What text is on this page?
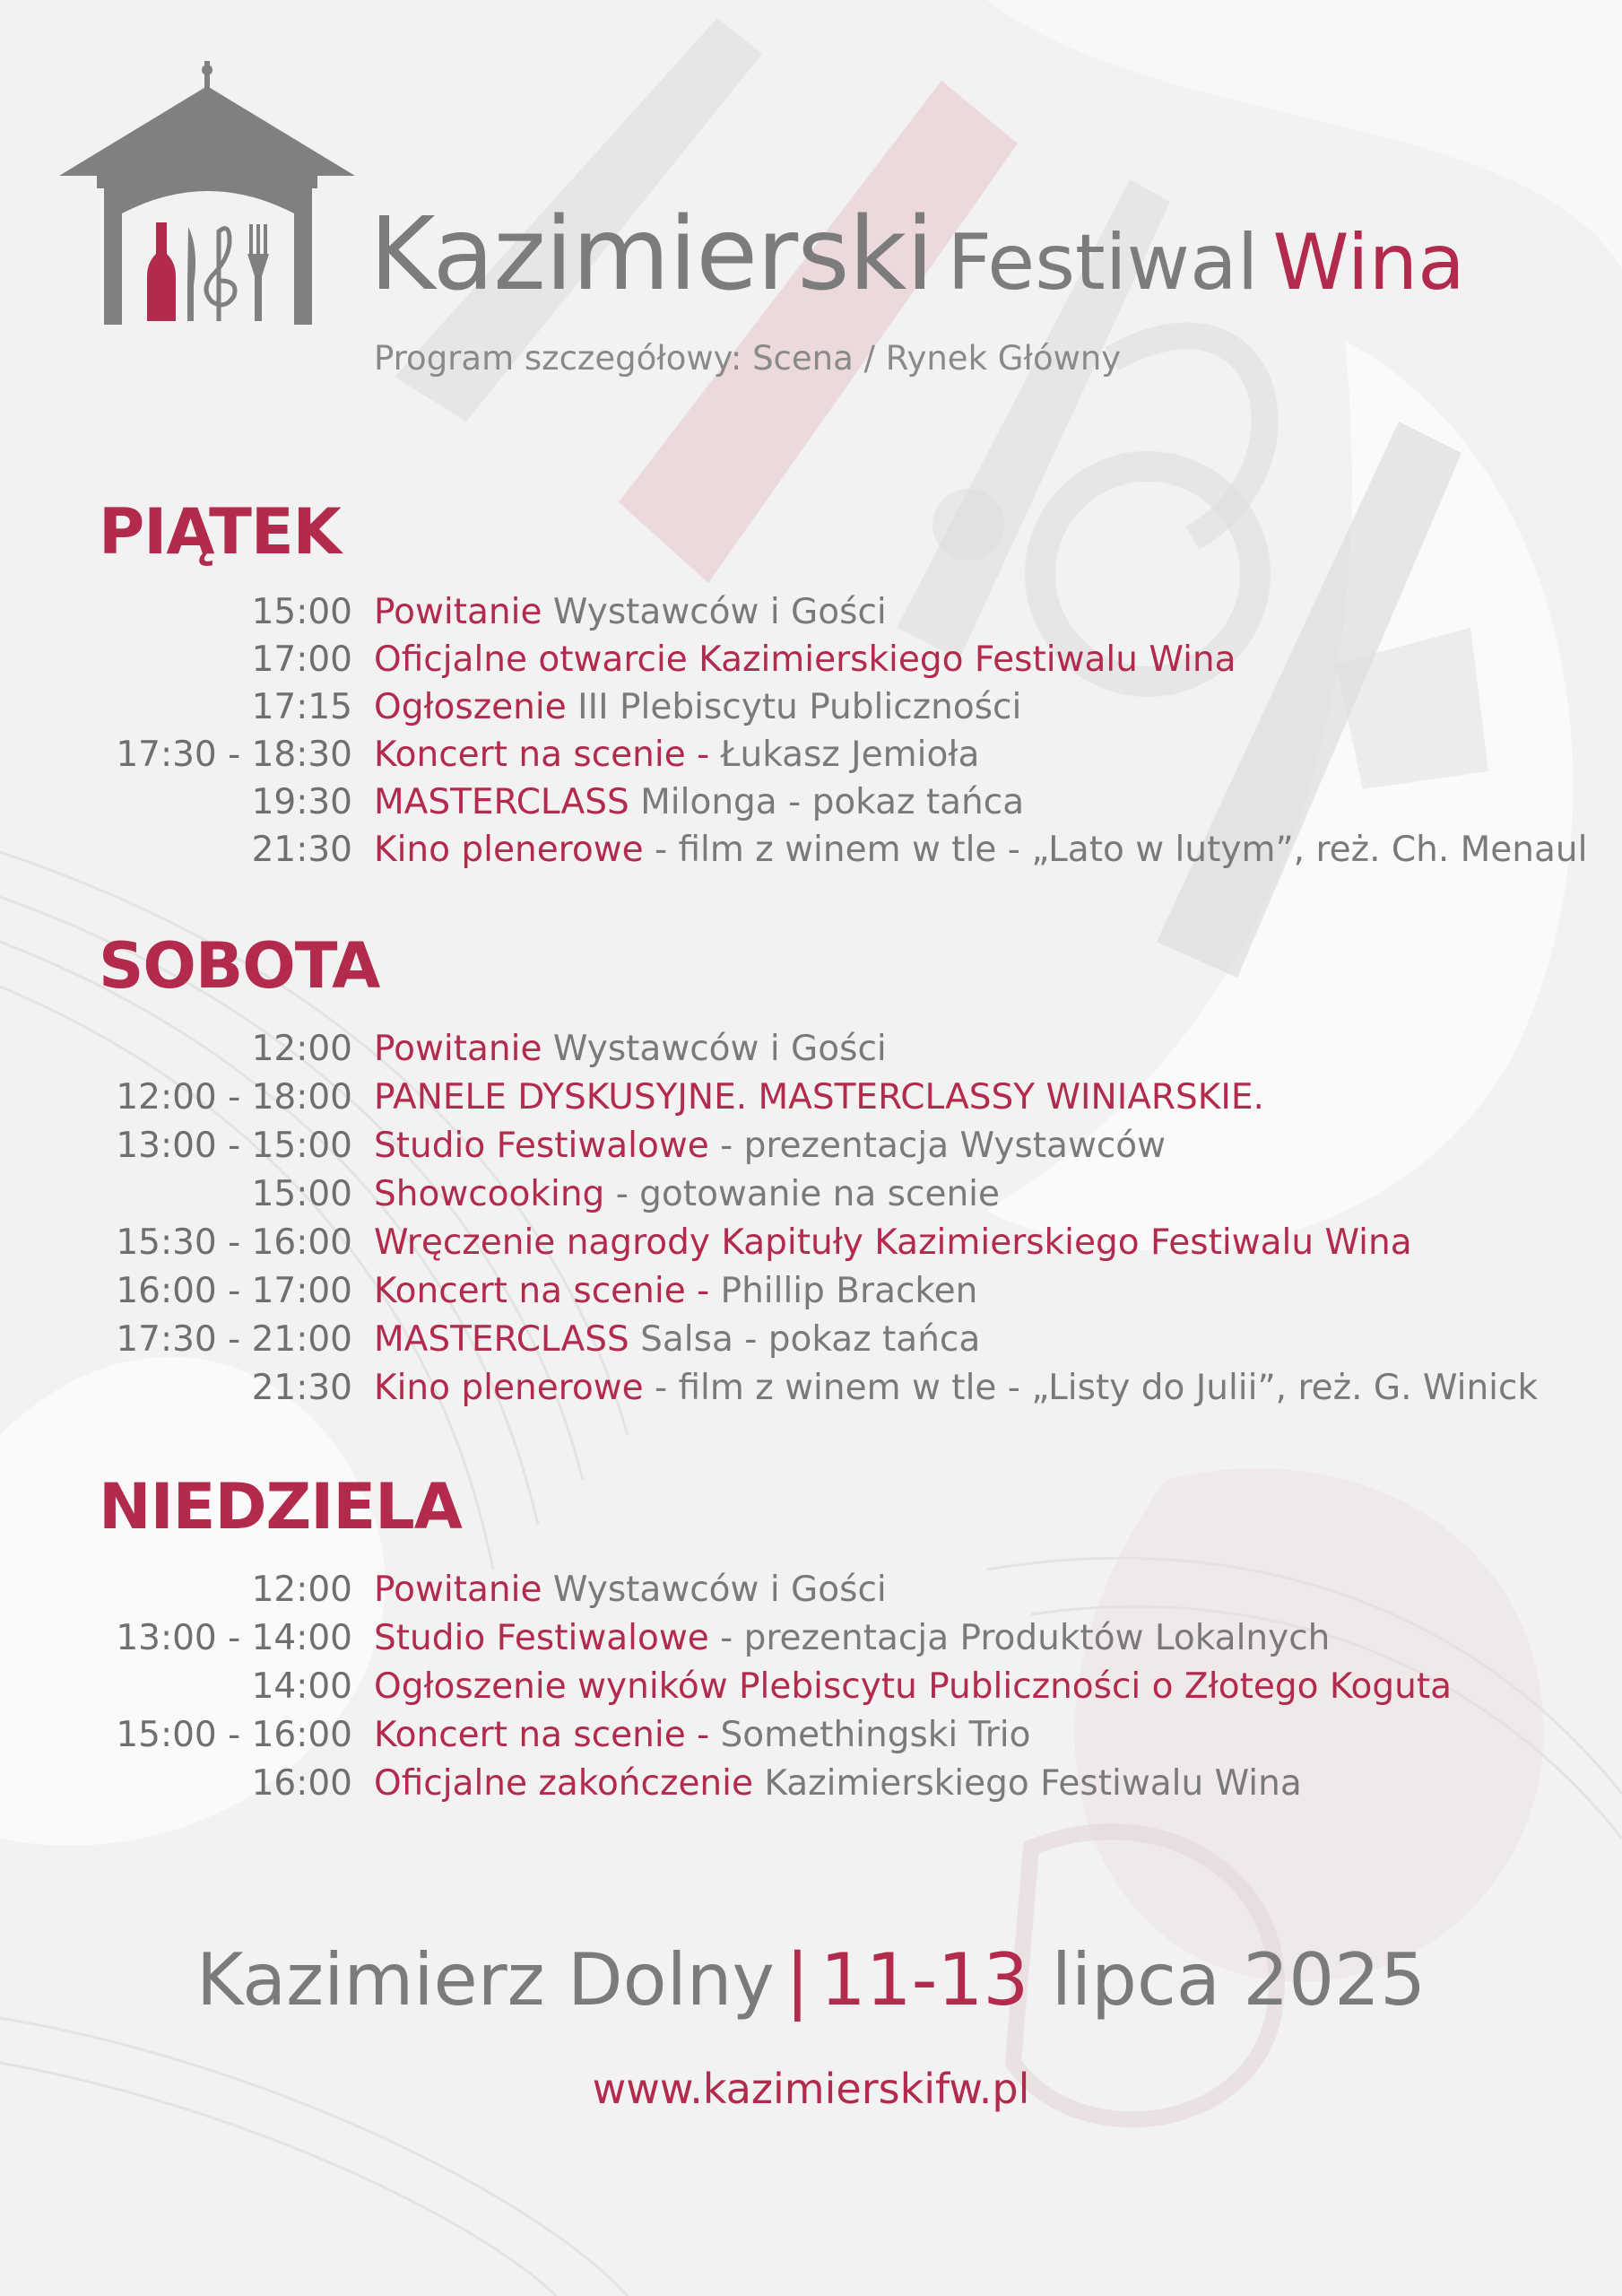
Kazimierski Festiwal Wina
Program szczegółowy: Scena / Rynek Główny
PIĄTEK
15:00 Powitanie Wystawców i Gości
17:00 Oficjalne otwarcie Kazimierskiego Festiwalu Wina
17:15 Ogłoszenie III Plebiscytu Publiczności
17:30 - 18:30 Koncert na scenie - Łukasz Jemioła
19:30 MASTERCLASS Milonga - pokaz tańca
21:30 Kino plenerowe - film z winem w tle - „Lato w lutym”, reż. Ch. Menaul
SOBOTA
12:00 Powitanie Wystawców i Gości
12:00 - 18:00 PANELE DYSKUSYJNE. MASTERCLASSY WINIARSKIE.
13:00 - 15:00 Studio Festiwalowe - prezentacja Wystawców
15:00 Showcooking - gotowanie na scenie
15:30 - 16:00 Wręczenie nagrody Kapituły Kazimierskiego Festiwalu Wina
16:00 - 17:00 Koncert na scenie - Phillip Bracken
17:30 - 21:00 MASTERCLASS Salsa - pokaz tańca
21:30 Kino plenerowe - film z winem w tle - „Listy do Julii”, reż. G. Winick
NIEDZIELA
12:00 Powitanie Wystawców i Gości
13:00 - 14:00 Studio Festiwalowe - prezentacja Produktów Lokalnych
14:00 Ogłoszenie wyników Plebiscytu Publiczności o Złotego Koguta
15:00 - 16:00 Koncert na scenie - Somethingski Trio
16:00 Oficjalne zakończenie Kazimierskiego Festiwalu Wina
Kazimierz Dolny | 11-13 lipca 2025
www.kazimierskifw.pl
